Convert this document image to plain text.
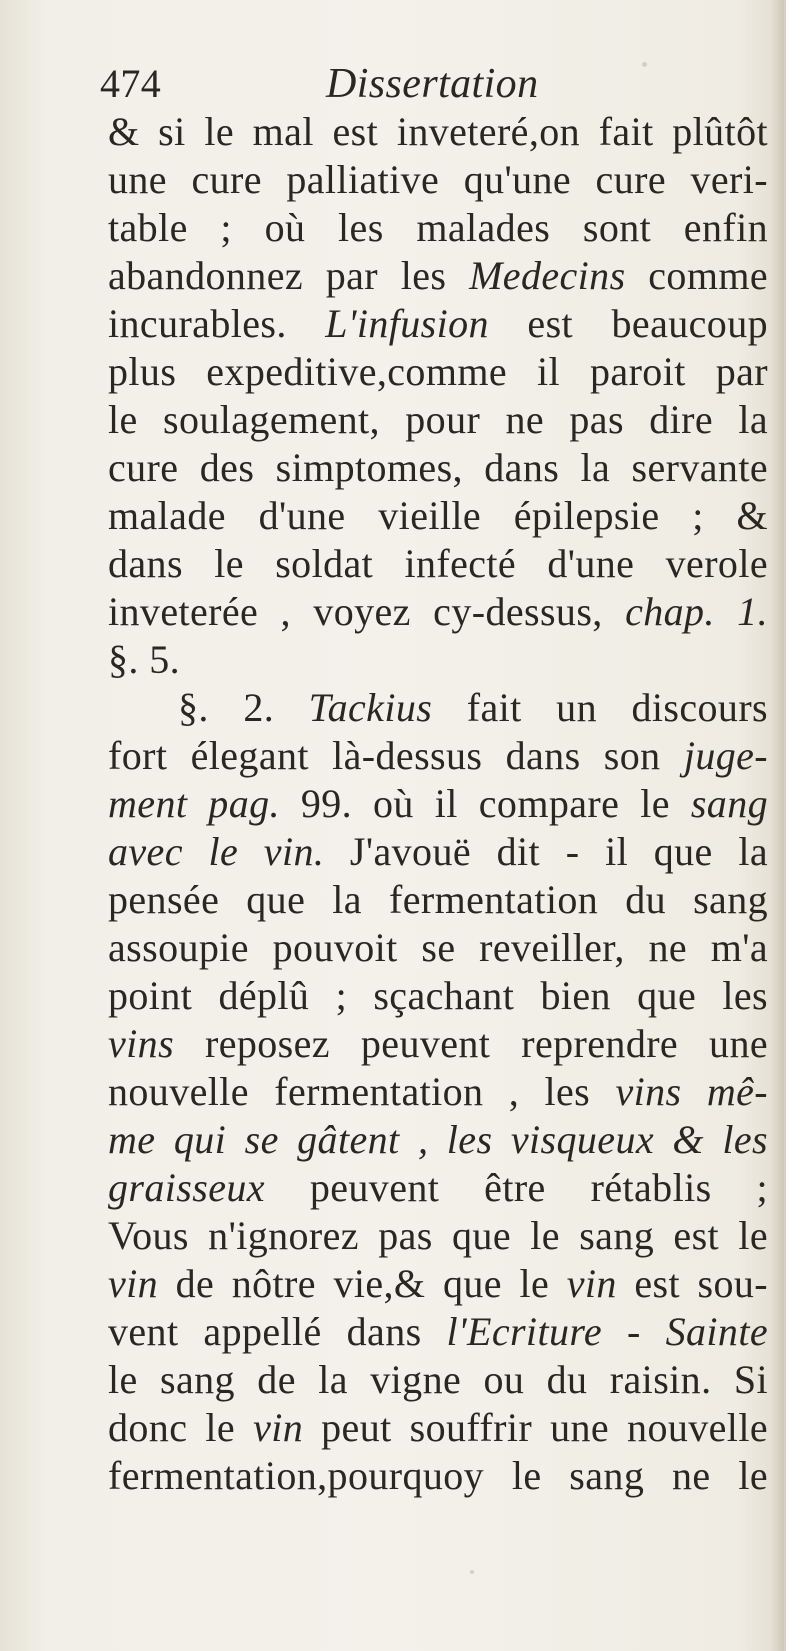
474	Dissertation
& si le mal est inveteré,on fait plûtôt
une cure palliative qu'une cure veri-
table ; où les malades sont enfin
abandonnez par les Medecins comme
incurables. L'infusion est beaucoup
plus expeditive,comme il paroit par
le soulagement, pour ne pas dire la
cure des simptomes, dans la servante
malade d'une vieille épilepsie ; &
dans le soldat infecté d'une verole
inveterée , voyez cy-dessus, chap. 1.
§. 5.
§. 2. Tackius fait un discours
fort élegant là-dessus dans son juge-
ment pag. 99. où il compare le sang
avec le vin. J'avouë dit - il que la
pensée que la fermentation du sang
assoupie pouvoit se reveiller, ne m'a
point déplû ; sçachant bien que les
vins reposez peuvent reprendre une
nouvelle fermentation , les vins mê-
me qui se gâtent , les visqueux & les
graisseux peuvent être rétablis ;
Vous n'ignorez pas que le sang est le
vin de nôtre vie,& que le vin est sou-
vent appellé dans l'Ecriture - Sainte
le sang de la vigne ou du raisin. Si
donc le vin peut souffrir une nouvelle
fermentation,pourquoy le sang ne le
